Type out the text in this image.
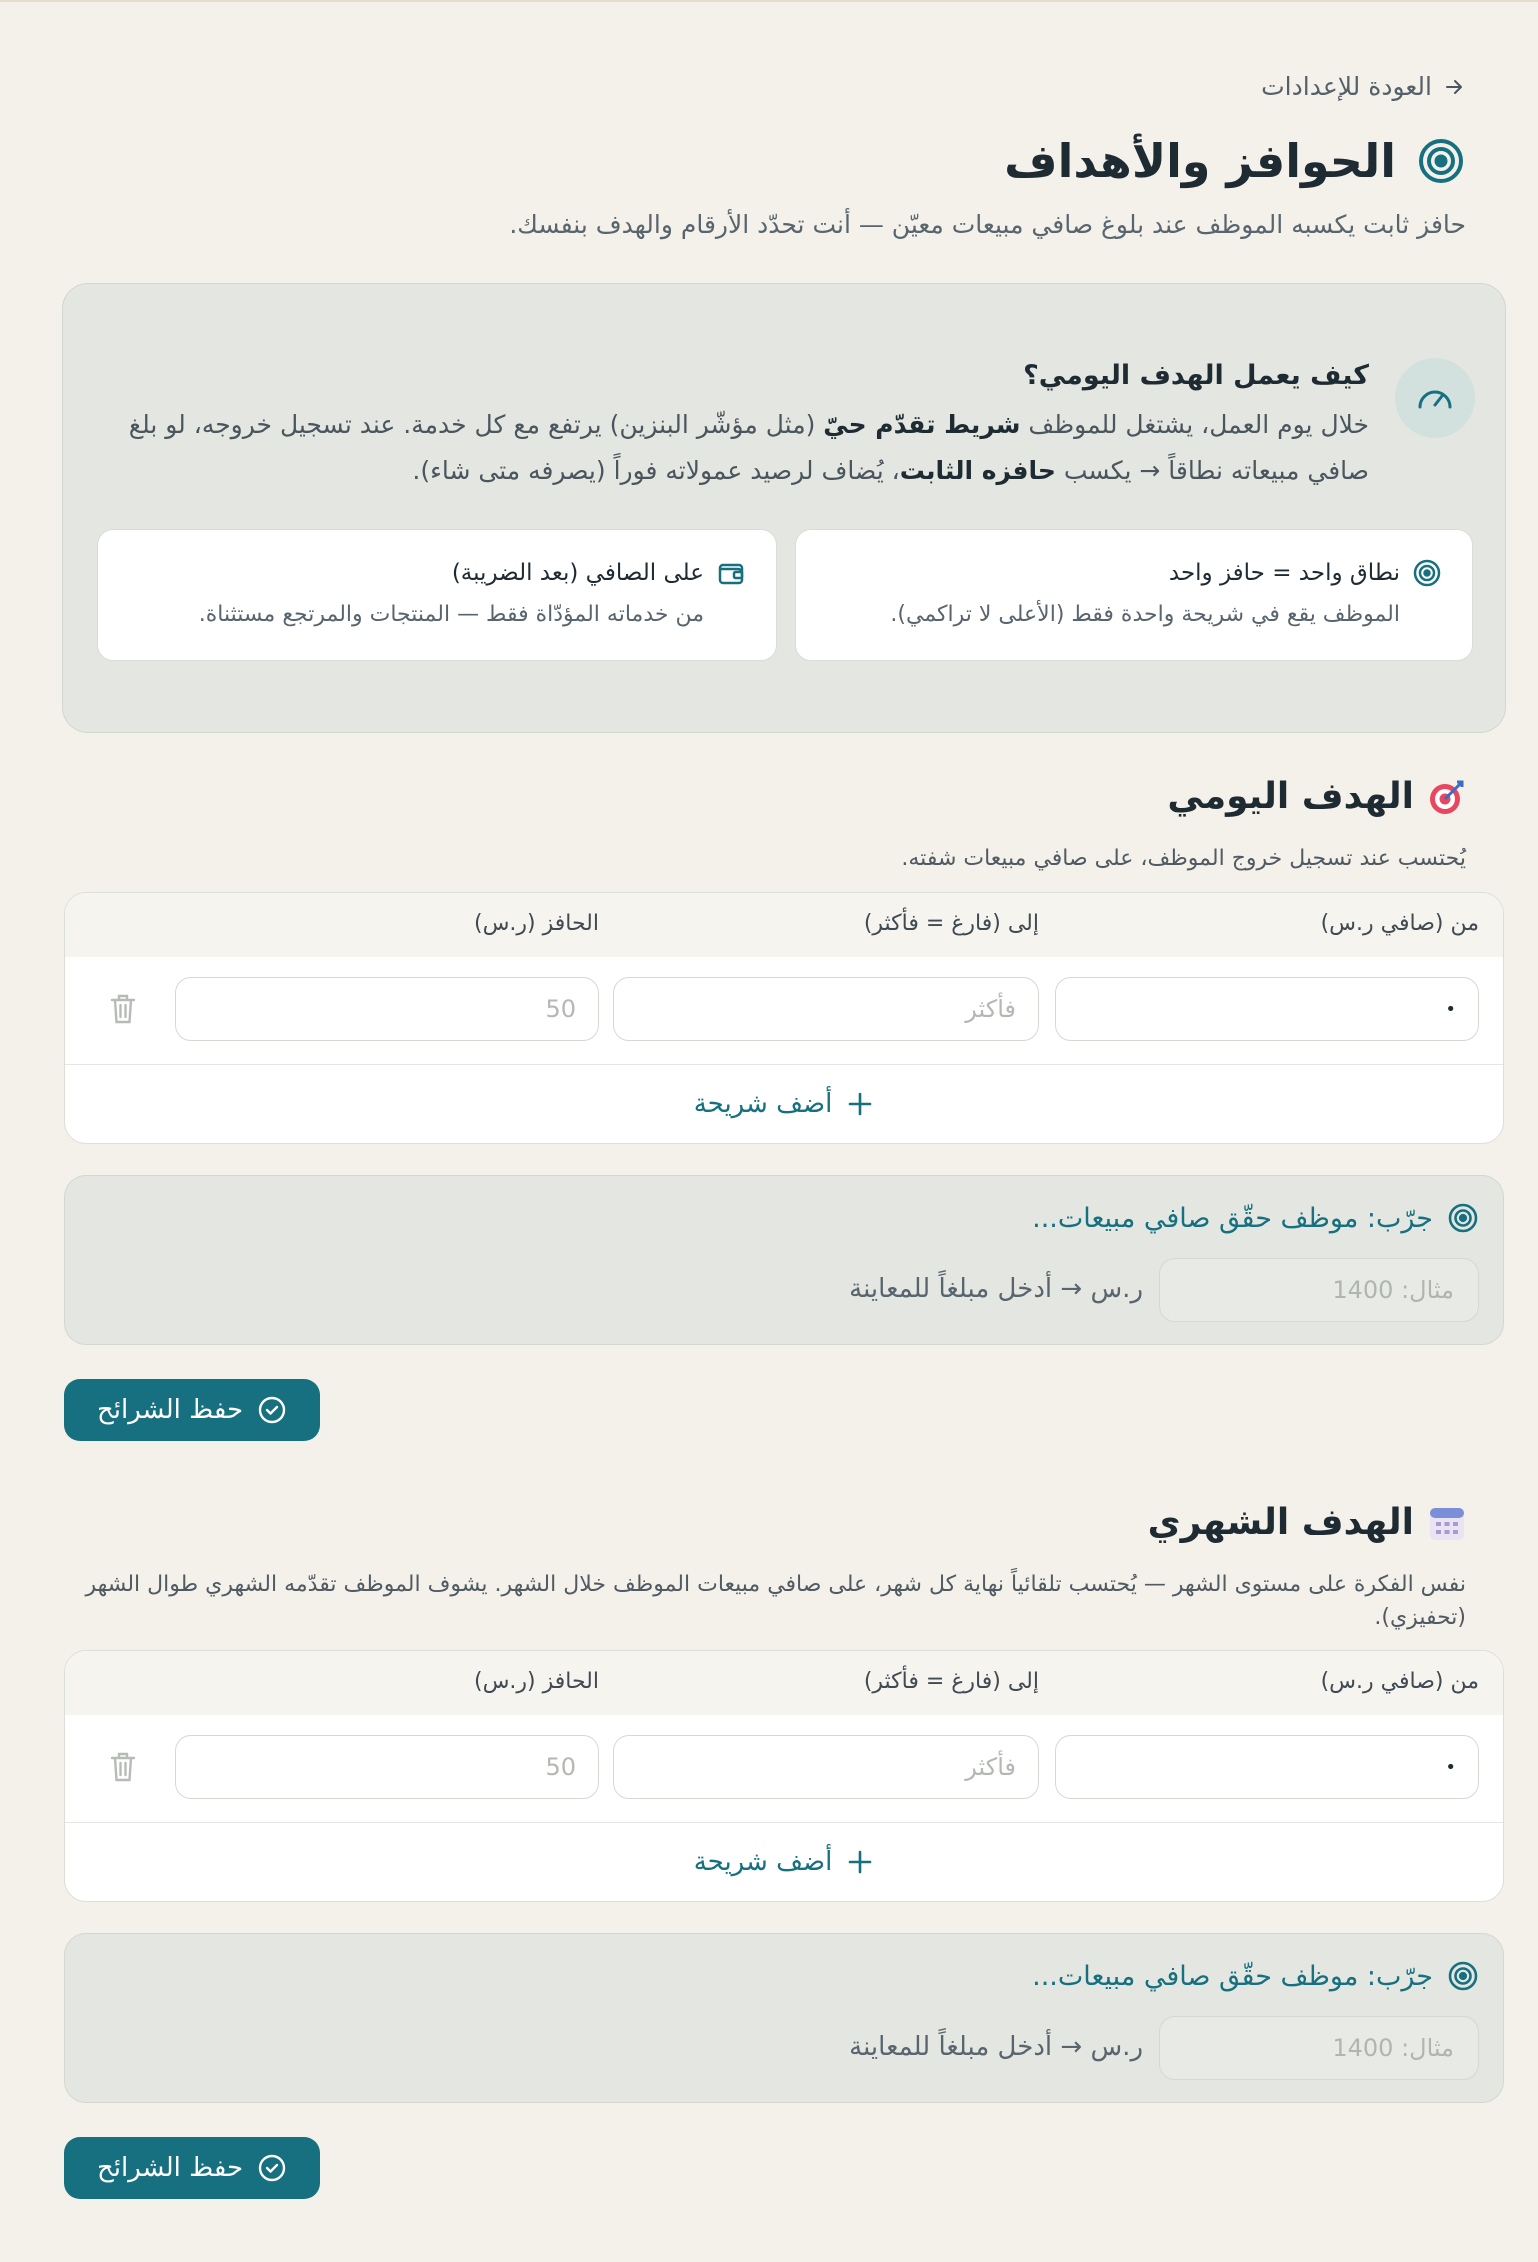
العودة للإعدادات
الحوافز والأهداف
حافز ثابت يكسبه الموظف عند بلوغ صافي مبيعات معيّن — أنت تحدّد الأرقام والهدف بنفسك.
كيف يعمل الهدف اليومي؟
خلال يوم العمل، يشتغل للموظف شريط تقدّم حيّ (مثل مؤشّر البنزين) يرتفع مع كل خدمة. عند تسجيل خروجه، لو بلغ صافي مبيعاته نطاقاً → يكسب حافزه الثابت، يُضاف لرصيد عمولاته فوراً (يصرفه متى شاء).
نطاق واحد = حافز واحد
الموظف يقع في شريحة واحدة فقط (الأعلى لا تراكمي).
على الصافي (بعد الضريبة)
من خدماته المؤدّاة فقط — المنتجات والمرتجع مستثناة.
الهدف اليومي
يُحتسب عند تسجيل خروج الموظف، على صافي مبيعات شفته.
من (صافي ر.س)
إلى (فارغ = فأكثر)
الحافز (ر.س)
•
فأكثر
50
أضف شريحة
جرّب: موظف حقّق صافي مبيعات...
مثال: 1400
ر.س → أدخل مبلغاً للمعاينة
حفظ الشرائح
الهدف الشهري
نفس الفكرة على مستوى الشهر — يُحتسب تلقائياً نهاية كل شهر، على صافي مبيعات الموظف خلال الشهر. يشوف الموظف تقدّمه الشهري طوال الشهر (تحفيزي).
من (صافي ر.س)
إلى (فارغ = فأكثر)
الحافز (ر.س)
•
فأكثر
50
أضف شريحة
جرّب: موظف حقّق صافي مبيعات...
مثال: 1400
ر.س → أدخل مبلغاً للمعاينة
حفظ الشرائح
